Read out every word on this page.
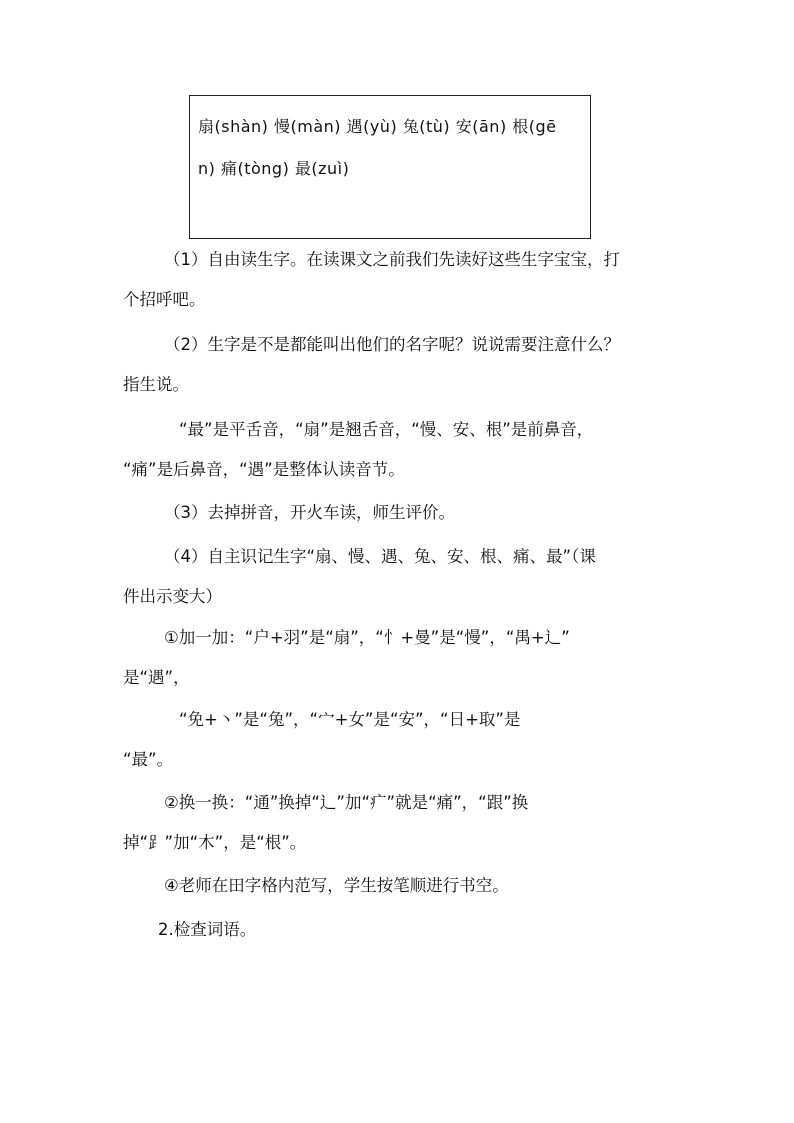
扇(shàn) 慢(màn) 遇(yù) 兔(tù) 安(ān) 根(gē
n) 痛(tòng) 最(zuì)
（1）自由读生字。在读课文之前我们先读好这些生字宝宝，打
个招呼吧。
（2）生字是不是都能叫出他们的名字呢？说说需要注意什么？
指生说。
“最”是平舌音，“扇”是翘舌音，“慢、安、根”是前鼻音，
“痛”是后鼻音，“遇”是整体认读音节。
（3）去掉拼音，开火车读，师生评价。
（4）自主识记生字“扇、慢、遇、兔、安、根、痛、最”（课
件出示变大）
①加一加：“户+羽”是“扇”，“忄+曼”是“慢”，“禺+辶”
是“遇”，
“免+丶”是“兔”，“宀+女”是“安”，“日+取”是
“最”。
②换一换：“通”换掉“辶”加“疒”就是“痛”，“跟”换
掉“⻊”加“木”，是“根”。
④老师在田字格内范写，学生按笔顺进行书空。
2.检查词语。
